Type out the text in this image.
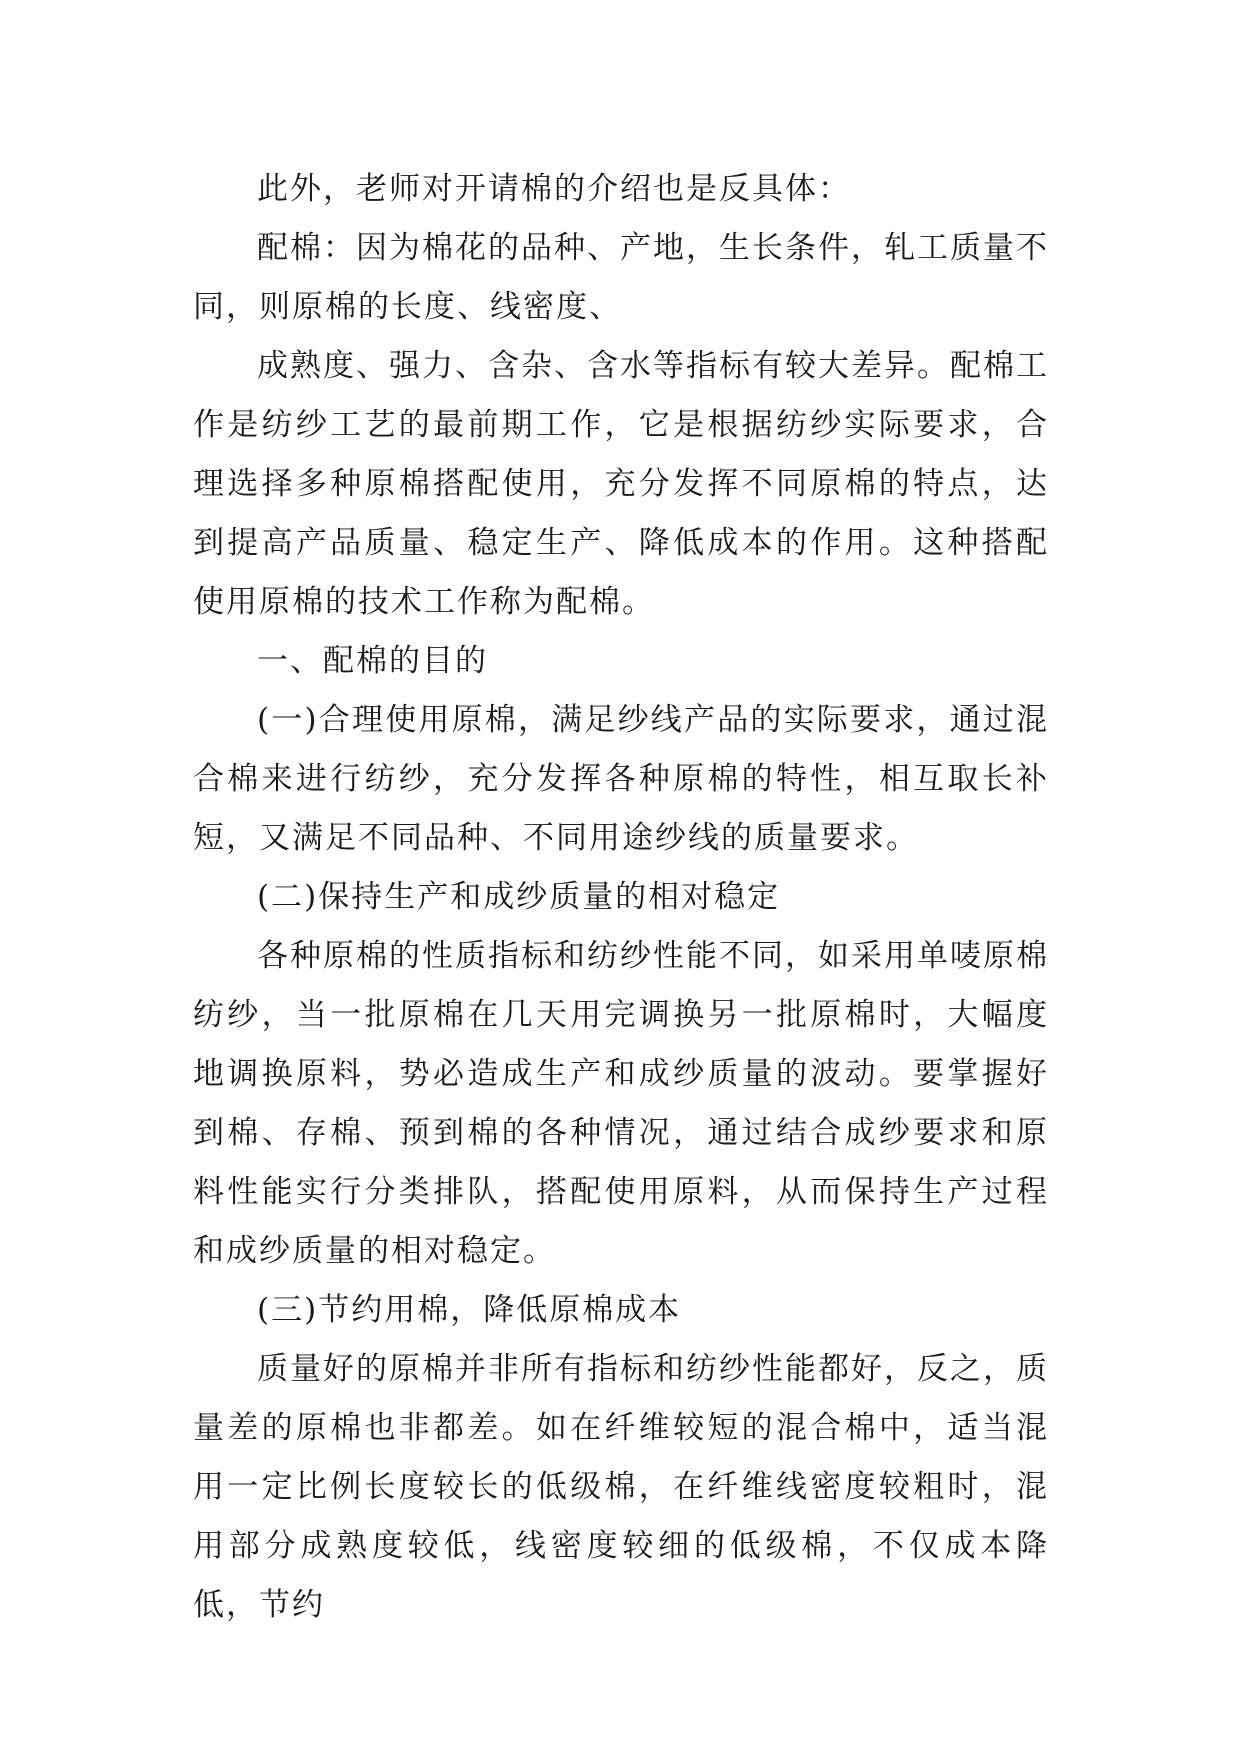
此外，老师对开请棉的介绍也是反具体：

配棉：因为棉花的品种、产地，生长条件，轧工质量不同，则原棉的长度、线密度、

成熟度、强力、含杂、含水等指标有较大差异。配棉工作是纺纱工艺的最前期工作，它是根据纺纱实际要求，合理选择多种原棉搭配使用，充分发挥不同原棉的特点，达到提高产品质量、稳定生产、降低成本的作用。这种搭配使用原棉的技术工作称为配棉。

一、配棉的目的

(一)合理使用原棉，满足纱线产品的实际要求，通过混合棉来进行纺纱，充分发挥各种原棉的特性，相互取长补短，又满足不同品种、不同用途纱线的质量要求。

(二)保持生产和成纱质量的相对稳定

各种原棉的性质指标和纺纱性能不同，如采用单唛原棉纺纱，当一批原棉在几天用完调换另一批原棉时，大幅度地调换原料，势必造成生产和成纱质量的波动。要掌握好到棉、存棉、预到棉的各种情况，通过结合成纱要求和原料性能实行分类排队，搭配使用原料，从而保持生产过程和成纱质量的相对稳定。

(三)节约用棉，降低原棉成本

质量好的原棉并非所有指标和纺纱性能都好，反之，质量差的原棉也非都差。如在纤维较短的混合棉中，适当混用一定比例长度较长的低级棉，在纤维线密度较粗时，混用部分成熟度较低，线密度较细的低级棉，不仅成本降低，节约
